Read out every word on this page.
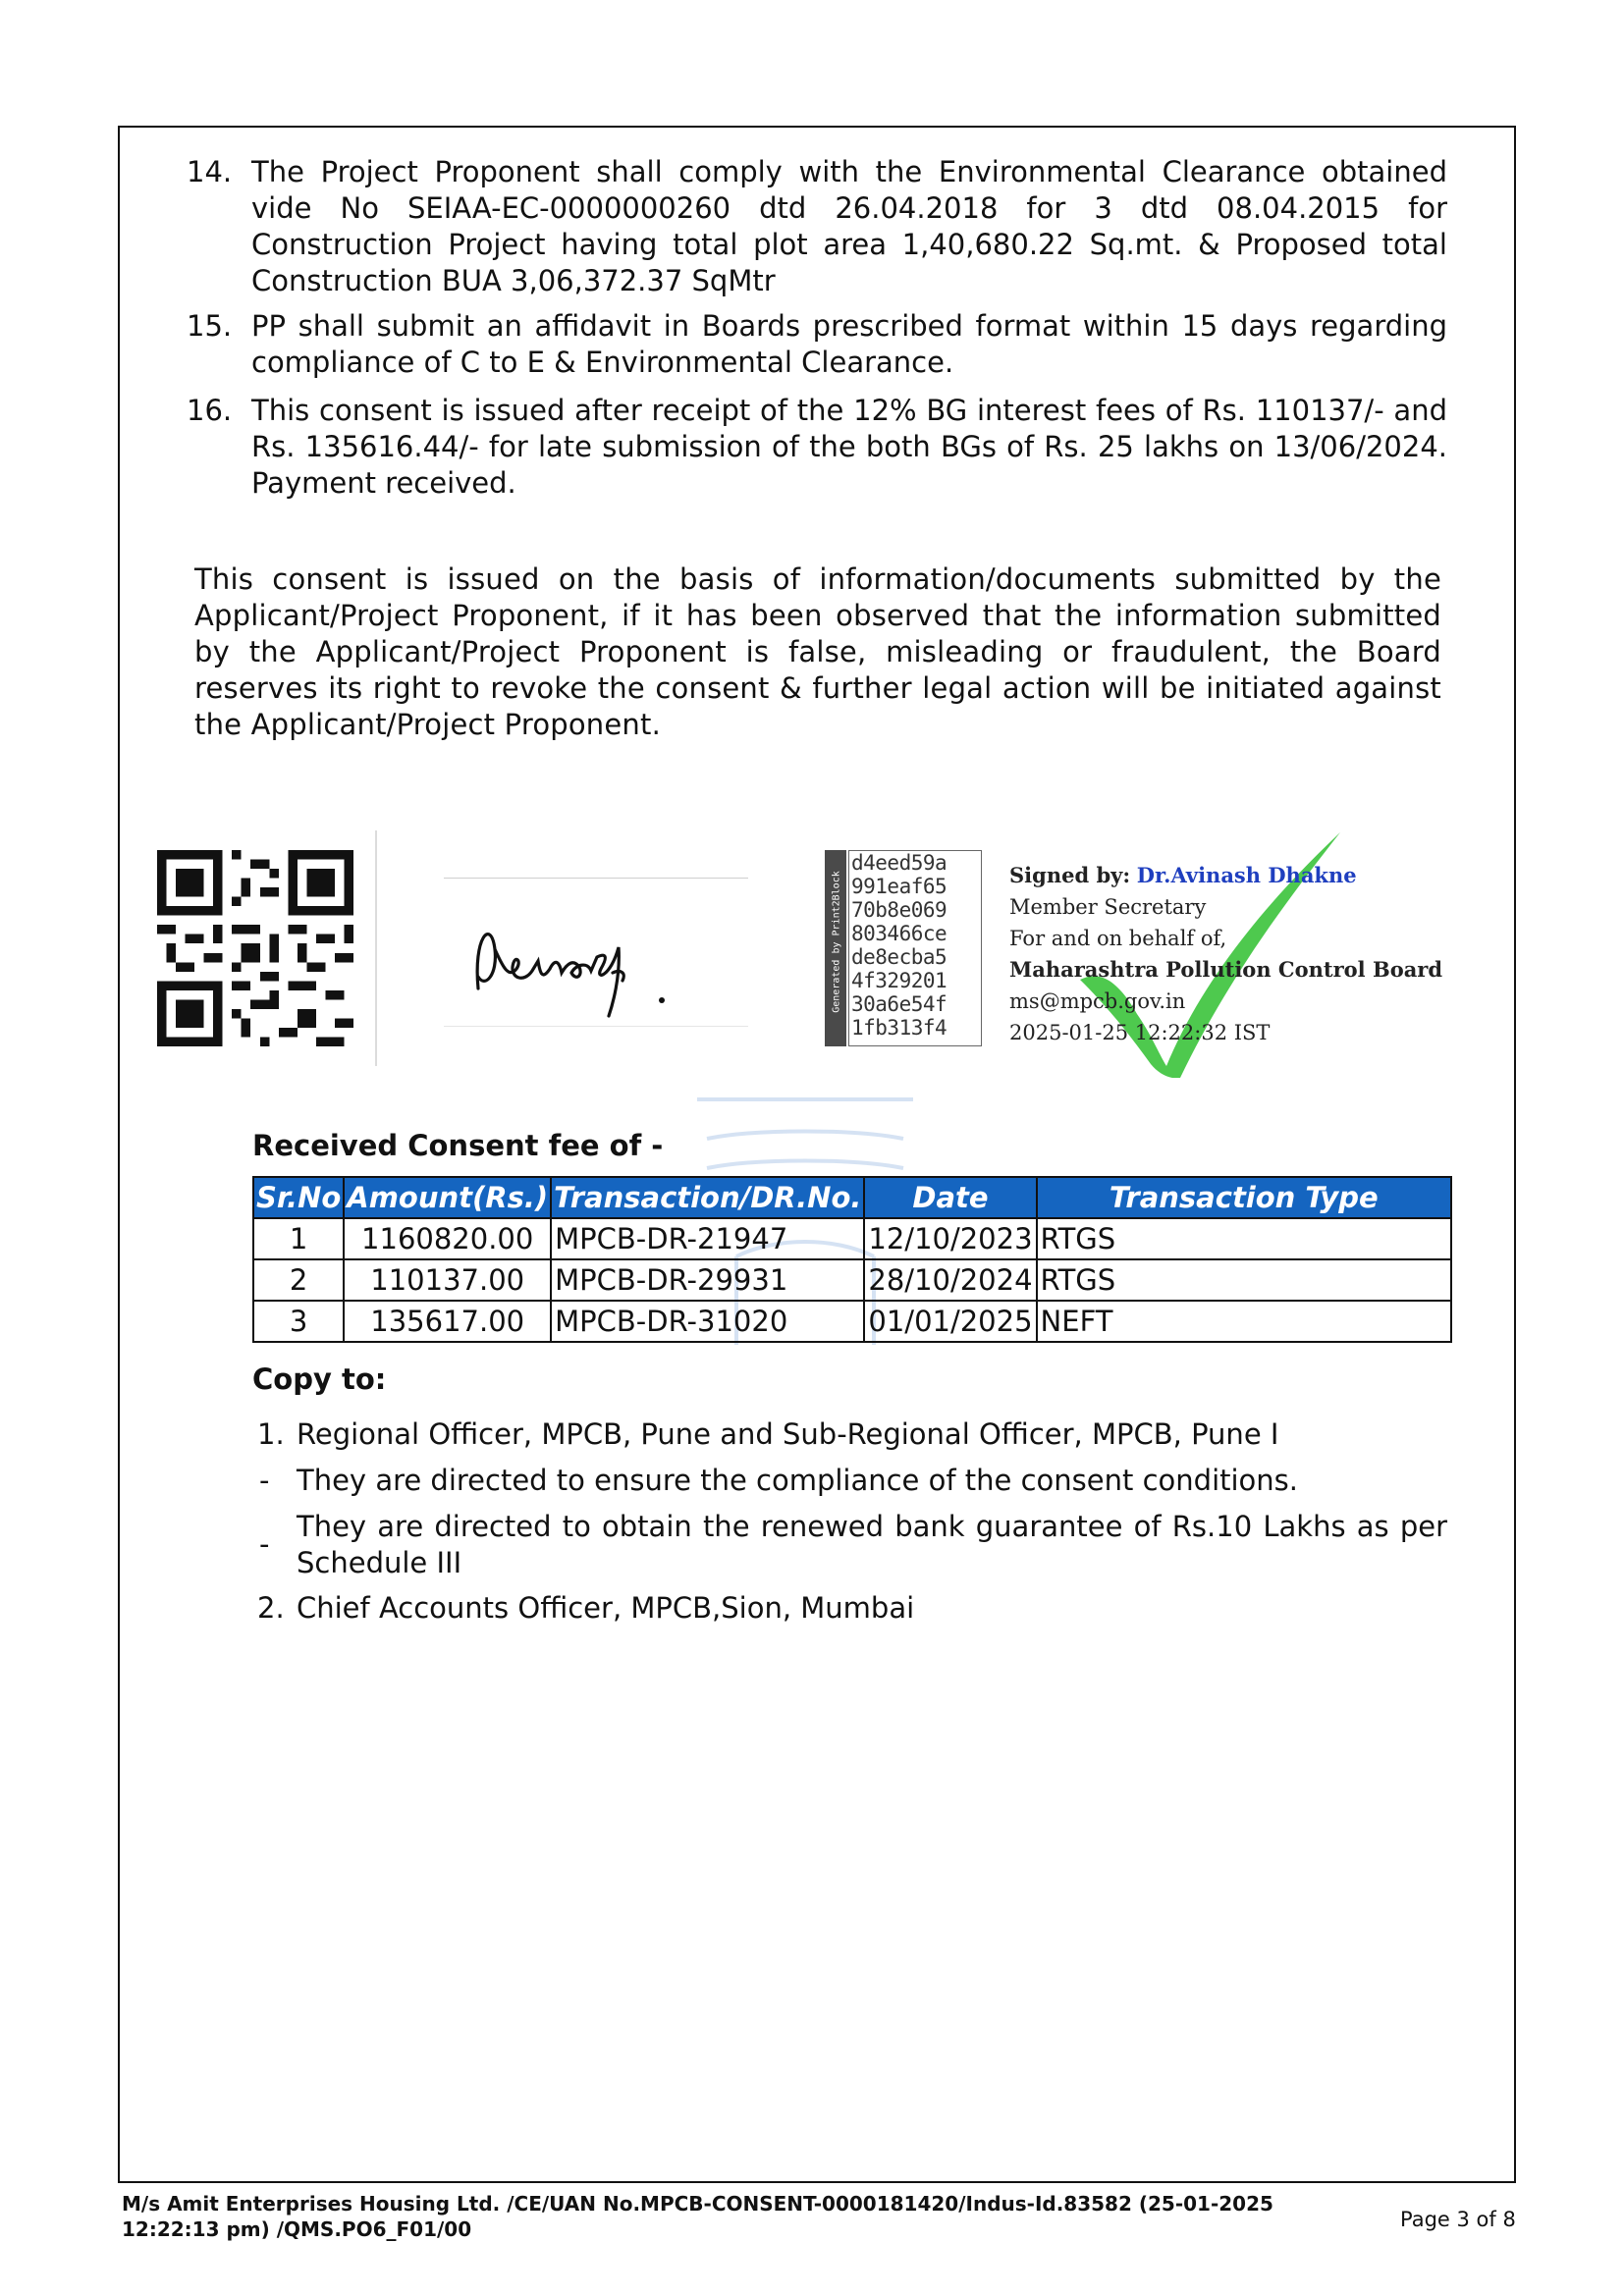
14. The Project Proponent shall comply with the Environmental Clearance obtained vide No SEIAA-EC-0000000260 dtd 26.04.2018 for 3 dtd 08.04.2015 for Construction Project having total plot area 1,40,680.22 Sq.mt. & Proposed total Construction BUA 3,06,372.37 SqMtr
15. PP shall submit an affidavit in Boards prescribed format within 15 days regarding compliance of C to E & Environmental Clearance.
16. This consent is issued after receipt of the 12% BG interest fees of Rs. 110137/- and Rs. 135616.44/- for late submission of the both BGs of Rs. 25 lakhs on 13/06/2024. Payment received.
This consent is issued on the basis of information/documents submitted by the Applicant/Project Proponent, if it has been observed that the information submitted by the Applicant/Project Proponent is false, misleading or fraudulent, the Board reserves its right to revoke the consent & further legal action will be initiated against the Applicant/Project Proponent.
Generated by Print2Block
d4eed59a
991eaf65
70b8e069
803466ce
de8ecba5
4f329201
30a6e54f
1fb313f4
Signed by: Dr.Avinash Dhakne
Member Secretary
For and on behalf of,
Maharashtra Pollution Control Board
ms@mpcb.gov.in
2025-01-25 12:22:32 IST
Received Consent fee of -
Sr.No	Amount(Rs.)	Transaction/DR.No.	Date	Transaction Type
1	1160820.00	MPCB-DR-21947	12/10/2023	RTGS
2	110137.00	MPCB-DR-29931	28/10/2024	RTGS
3	135617.00	MPCB-DR-31020	01/01/2025	NEFT
Copy to:
1. Regional Officer, MPCB, Pune and Sub-Regional Officer, MPCB, Pune I
- They are directed to ensure the compliance of the consent conditions.
-
They are directed to obtain the renewed bank guarantee of Rs.10 Lakhs as per Schedule III
2. Chief Accounts Officer, MPCB,Sion, Mumbai
M/s Amit Enterprises Housing Ltd. /CE/UAN No.MPCB-CONSENT-0000181420/Indus-Id.83582 (25-01-2025 12:22:13 pm) /QMS.PO6_F01/00	Page 3 of 8
